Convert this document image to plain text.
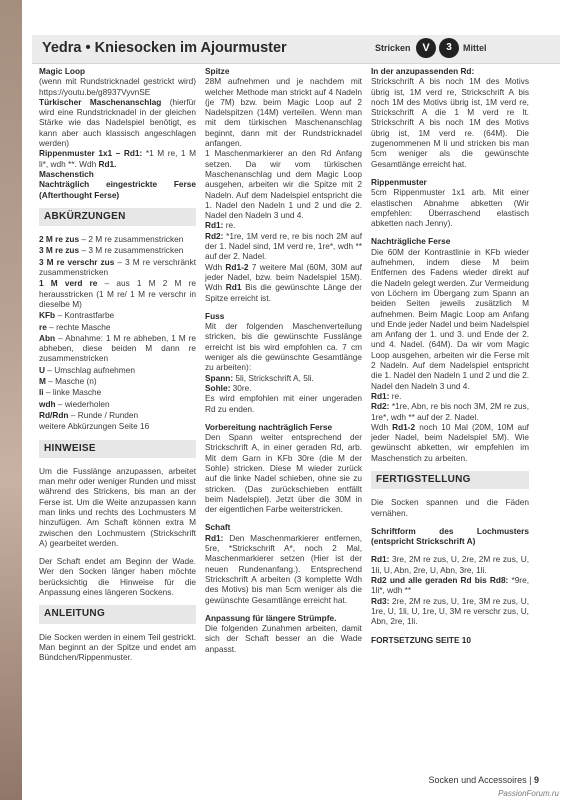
Yedra • Kniesocken im Ajourmuster	Stricken	V	3	Mittel
Magic Loop
(wenn mit Rundstricknadel gestrickt wird) https://youtu.be/g8937VyvnSE
Türkischer Maschenanschlag (hierfür wird eine Rundstricknadel in der gleichen Stärke wie das Nadelspiel benötigt, es kann aber auch klassisch angeschlagen werden)
Rippenmuster 1x1 – Rd1: *1 M re, 1 M li*, wdh **. Wdh Rd1.
Maschenstich

Nachträglich eingestrickte Ferse (Afterthought Ferse)

ABKÜRZUNGEN

2 M re zus – 2 M re zusammenstricken

3 M re zus – 3 M re zusammenstricken

3 M re verschr zus – 3 M re verschränkt zusammenstricken

1 M verd re – aus 1 M 2 M re herausstricken (1 M re/ 1 M re verschr in dieselbe M)

KFb – Kontrastfarbe

re – rechte Masche

Abn – Abnahme: 1 M re abheben, 1 M re abheben, diese beiden M dann re zusammenstricken

U – Umschlag aufnehmen

M – Masche (n)

li – linke Masche

wdh – wiederholen

Rd/Rdn – Runde / Runden

weitere Abkürzungen Seite 16

HINWEISE

Um die Fusslänge anzupassen, arbeitet man mehr oder weniger Runden und misst während des Strickens, bis man an der Ferse ist. Um die Weite anzupassen kann man links und rechts des Lochmusters M hinzufügen. Am Schaft können extra M zwischen den Lochmustern (Strickschrift A) gearbeitet werden.

Der Schaft endet am Beginn der Wade. Wer den Socken länger haben möchte berücksichtig die Hinweise für die Anpassung eines längeren Sockens.

ANLEITUNG

Die Socken werden in einem Teil gestrickt. Man beginnt an der Spitze und endet am Bündchen/Rippenmuster.

Spitze
28M aufnehmen und je nachdem mit welcher Methode man strickt auf 4 Nadeln (je 7M) bzw. beim Magic Loop auf 2 Nadelspitzen (14M) verteilen. Wenn man mit dem türkischen Maschenanschlag beginnt, dann mit der Rundstricknadel anfangen.
1 Maschenmarkierer an den Rd Anfang setzen. Da wir vom türkischen Maschenanschlag und dem Magic Loop ausgehen, arbeiten wir die Spitze mit 2 Nadeln. Auf dem Nadelspiel entspricht die 1. Nadel den Nadeln 1 und 2 und die 2. Nadel den Nadeln 3 und 4.
Rd1: re.
Rd2: *1re, 1M verd re, re bis noch 2M auf der 1. Nadel sind, 1M verd re, 1re*, wdh ** auf der 2. Nadel.

Wdh Rd1-2 7 weitere Mal (60M, 30M auf jeder Nadel, bzw. beim Nadelspiel 15M). Wdh Rd1 Bis die gewünschte Länge der Spitze erreicht ist.

Fuss
Mit der folgenden Maschenverteilung stricken, bis die gewünschte Fusslänge erreicht ist bis wird empfohlen ca. 7 cm weniger als die gewünschte Gesamtlänge zu arbeiten):
Spann: 5li, Strickschrift A, 5li.
Sohle: 30re.

Es wird empfohlen mit einer ungeraden Rd zu enden.

Vorbereitung nachträglich Ferse

Den Spann weiter entsprechend der Strickschrift A, in einer geraden Rd, arb. Mit dem Garn in KFb 30re (die M der Sohle) stricken. Diese M wieder zurück auf die linke Nadel schieben, ohne sie zu stricken. (Das zurückschieben entfällt beim Nadelspiel). Jetzt über die 30M in der eigentlichen Farbe weiterstricken.

Schaft

Rd1: Den Maschenmarkierer entfernen, 5re, *Strickschrift A*, noch 2 Mal, Maschenmarkierer setzen (Hier ist der neuen Rundenanfang.). Entsprechend Strickschrift A arbeiten (3 komplette Wdh des Motivs) bis man 5cm weniger als die gewünschte Gesamtlänge erreicht hat.

Anpassung für längere Strümpfe.

Die folgenden Zunahmen arbeiten, damit sich der Schaft besser an die Wade anpasst.

In der anzupassenden Rd:

Strickschrift A bis noch 1M des Motivs übrig ist, 1M verd re, Strickschrift A bis noch 1M des Motivs übrig ist, 1M verd re, Strickschrift A die 1 M verd re lt. Strickschrift A bis noch 1M des Motivs übrig ist, 1M verd re. (64M). Die zugenommenen M li und stricken bis man 5cm weniger als die gewünschte Gesamtlänge erreicht hat.

Rippenmuster

5cm Rippenmuster 1x1 arb. Mit einer elastischen Abnahme abketten (Wir empfehlen: Überraschend elastisch abketten nach Jenny).

Nachträgliche Ferse
Die 60M der Kontrastlinie in KFb wieder aufnehmen, indem diese M beim Entfernen des Fadens wieder direkt auf die Nadeln gelegt werden. Zur Vermeidung von Löchern im Übergang zum Spann an beiden Seiten jeweils zusätzlich M aufnehmen. Beim Magic Loop am Anfang und Ende jeder Nadel und beim Nadelspiel am Anfang der 1. und 3. und Ende der 2. und 4. Nadel. (64M). Da wir vom Magic Loop ausgehen, arbeiten wir die Ferse mit 2 Nadeln. Auf dem Nadelspiel entspricht die 1. Nadel den Nadeln 1 und 2 und die 2. Nadel den Nadeln 3 und 4.
Rd1: re.
Rd2: *1re, Abn, re bis noch 3M, 2M re zus, 1re*, wdh ** auf der 2. Nadel.

Wdh Rd1-2 noch 10 Mal (20M, 10M auf jeder Nadel, beim Nadelspiel 5M). Wie gewünscht abketten, wir empfehlen im Maschenstich zu arbeiten.

FERTIGSTELLUNG

Die Socken spannen und die Fäden vernähen.

Schriftform des Lochmusters (entspricht Strickschrift A)

Rd1: 3re, 2M re zus, U, 2re, 2M re zus, U, 1li, U, Abn, 2re, U, Abn, 3re, 1li.

Rd2 und alle geraden Rd bis Rd8: *9re, 1li*, wdh **

Rd3: 2re, 2M re zus, U, 1re, 3M re zus, U, 1re, U, 1li, U, 1re, U, 3M re verschr zus, U, Abn, 2re, 1li.

FORTSETZUNG SEITE 10
Socken und Accessoires | 9
PassionForum.ru
